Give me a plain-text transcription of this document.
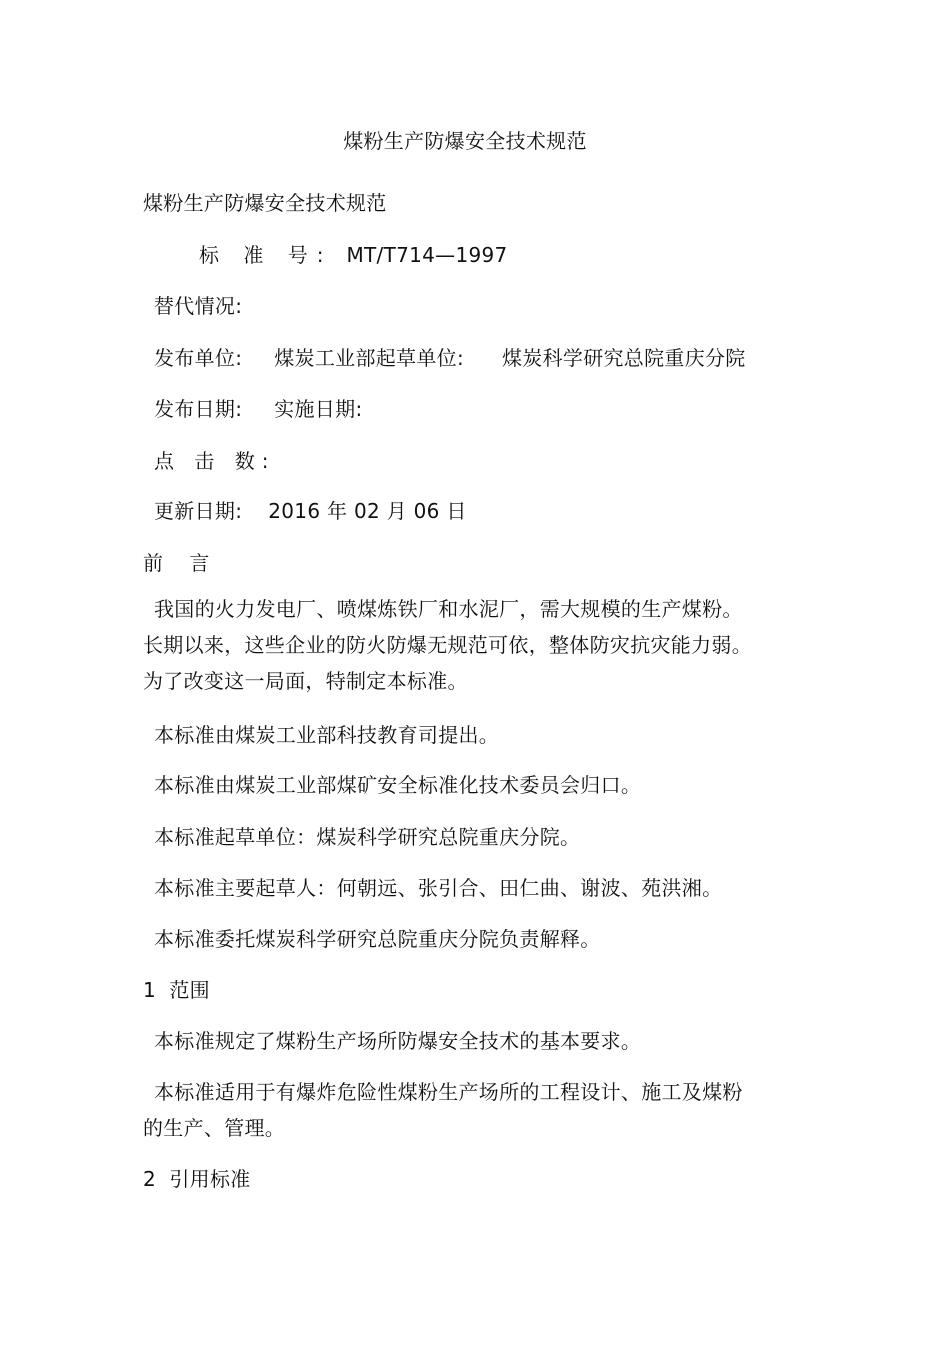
煤粉生产防爆安全技术规范
煤粉生产防爆安全技术规范
标 准 号: MT/T714—1997
替代情况:
发布单位: 煤炭工业部起草单位: 煤炭科学研究总院重庆分院
发布日期: 实施日期:
点 击 数:
更新日期: 2016 年 02 月 06 日
前 言
我国的火力发电厂、喷煤炼铁厂和水泥厂，需大规模的生产煤粉。
长期以来，这些企业的防火防爆无规范可依，整体防灾抗灾能力弱。
为了改变这一局面，特制定本标准。
本标准由煤炭工业部科技教育司提出。
本标准由煤炭工业部煤矿安全标准化技术委员会归口。
本标准起草单位：煤炭科学研究总院重庆分院。
本标准主要起草人：何朝远、张引合、田仁曲、谢波、苑洪湘。
本标准委托煤炭科学研究总院重庆分院负责解释。
1  范围
本标准规定了煤粉生产场所防爆安全技术的基本要求。
本标准适用于有爆炸危险性煤粉生产场所的工程设计、施工及煤粉
的生产、管理。
2  引用标准
